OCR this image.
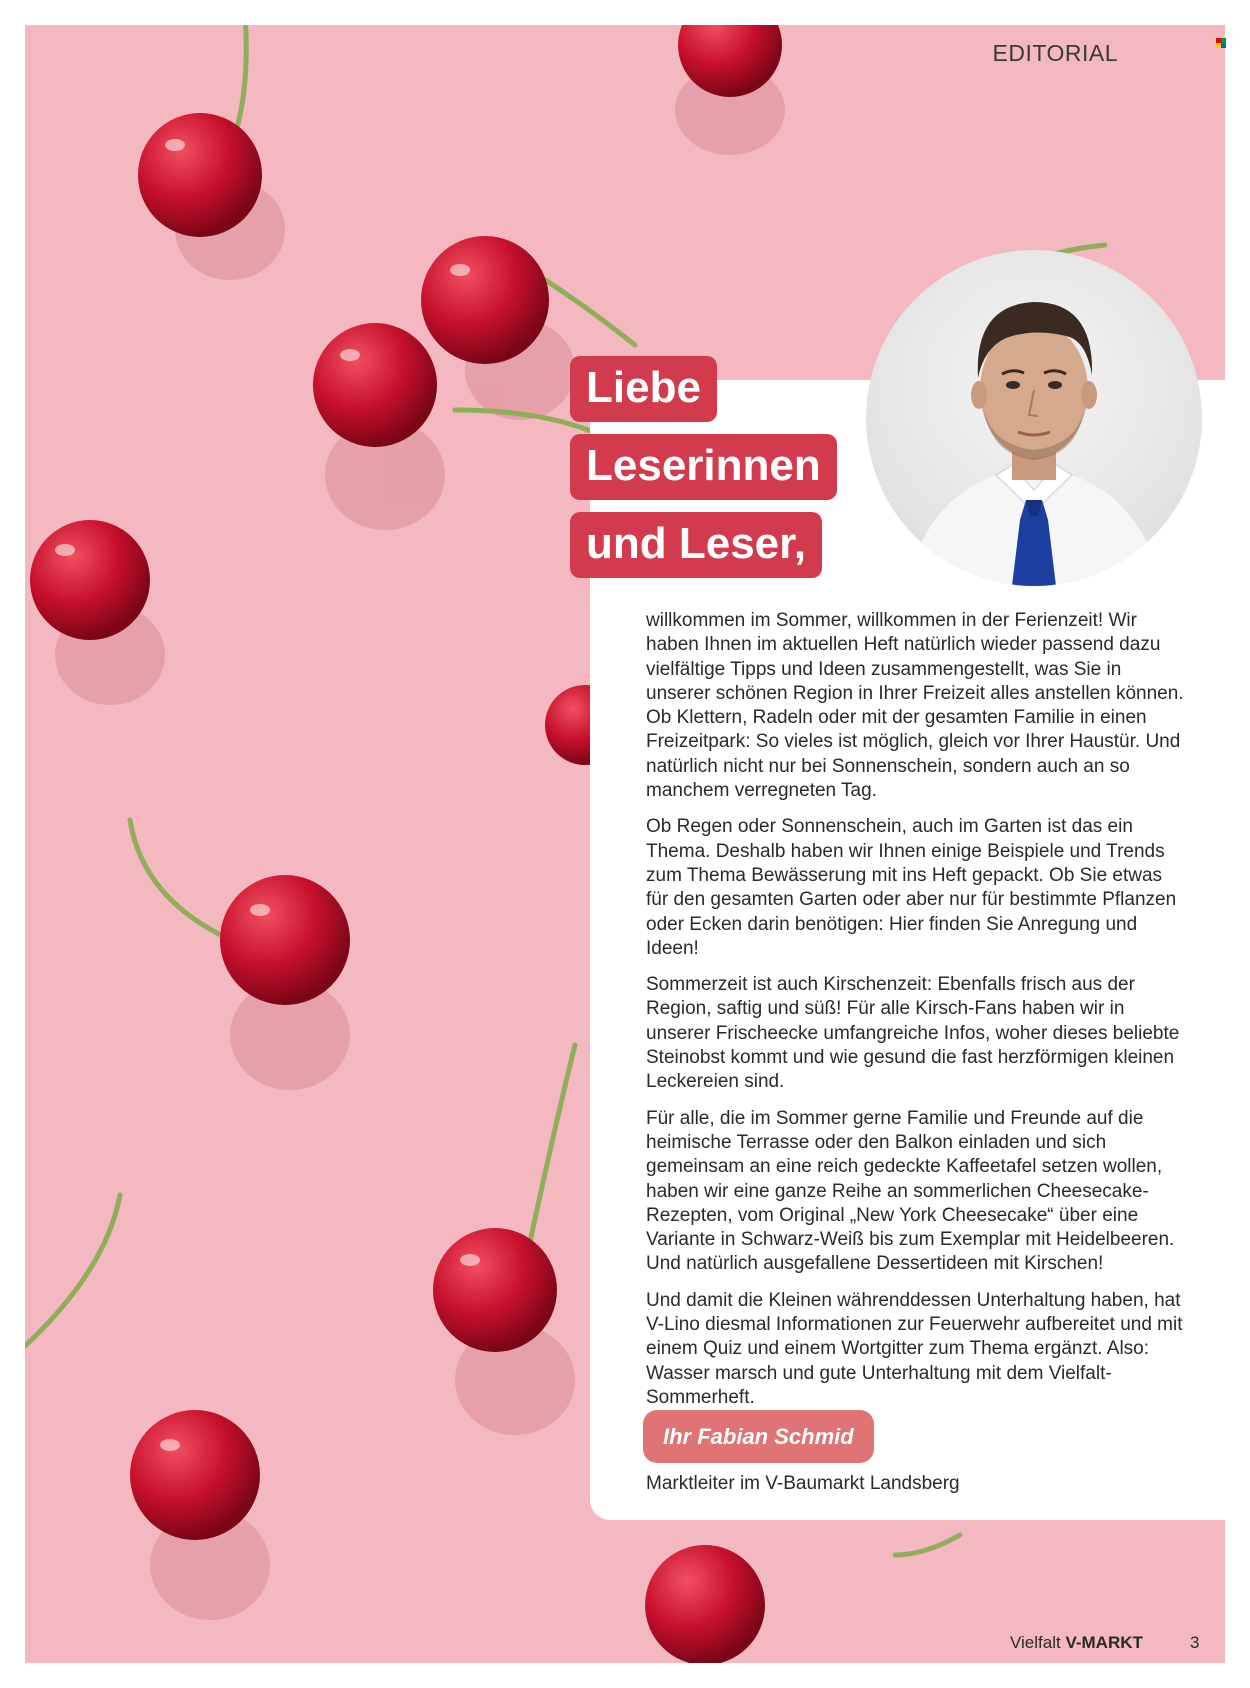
EDITORIAL
Liebe
Leserinnen
und Leser,

willkommen im Sommer, willkommen in der Ferienzeit! Wir haben Ihnen im aktuellen Heft natürlich wieder passend dazu vielfältige Tipps und Ideen zusammengestellt, was Sie in unserer schönen Region in Ihrer Freizeit alles anstellen können. Ob Klettern, Radeln oder mit der gesamten Familie in einen Freizeitpark: So vieles ist möglich, gleich vor Ihrer Haustür. Und natürlich nicht nur bei Sonnenschein, sondern auch an so manchem verregneten Tag.

Ob Regen oder Sonnenschein, auch im Garten ist das ein Thema. Deshalb haben wir Ihnen einige Beispiele und Trends zum Thema Bewässerung mit ins Heft gepackt. Ob Sie etwas für den gesamten Garten oder aber nur für bestimmte Pflanzen oder Ecken darin benötigen: Hier finden Sie Anregung und Ideen!

Sommerzeit ist auch Kirschenzeit: Ebenfalls frisch aus der Region, saftig und süß! Für alle Kirsch-Fans haben wir in unserer Frischeecke umfangreiche Infos, woher dieses beliebte Steinobst kommt und wie gesund die fast herzförmigen kleinen Leckereien sind.

Für alle, die im Sommer gerne Familie und Freunde auf die heimische Terrasse oder den Balkon einladen und sich gemeinsam an eine reich gedeckte Kaffeetafel setzen wollen, haben wir eine ganze Reihe an sommerlichen Cheesecake-Rezepten, vom Original „New York Cheesecake“ über eine Variante in Schwarz-Weiß bis zum Exemplar mit Heidelbeeren. Und natürlich ausgefallene Dessertideen mit Kirschen!

Und damit die Kleinen währenddessen Unterhaltung haben, hat V-Lino diesmal Informationen zur Feuerwehr aufbereitet und mit einem Quiz und einem Wortgitter zum Thema ergänzt. Also: Wasser marsch und gute Unterhaltung mit dem Vielfalt-Sommerheft.

Ihr Fabian Schmid
Marktleiter im V-Baumarkt Landsberg
Vielfalt V-MARKT	3
